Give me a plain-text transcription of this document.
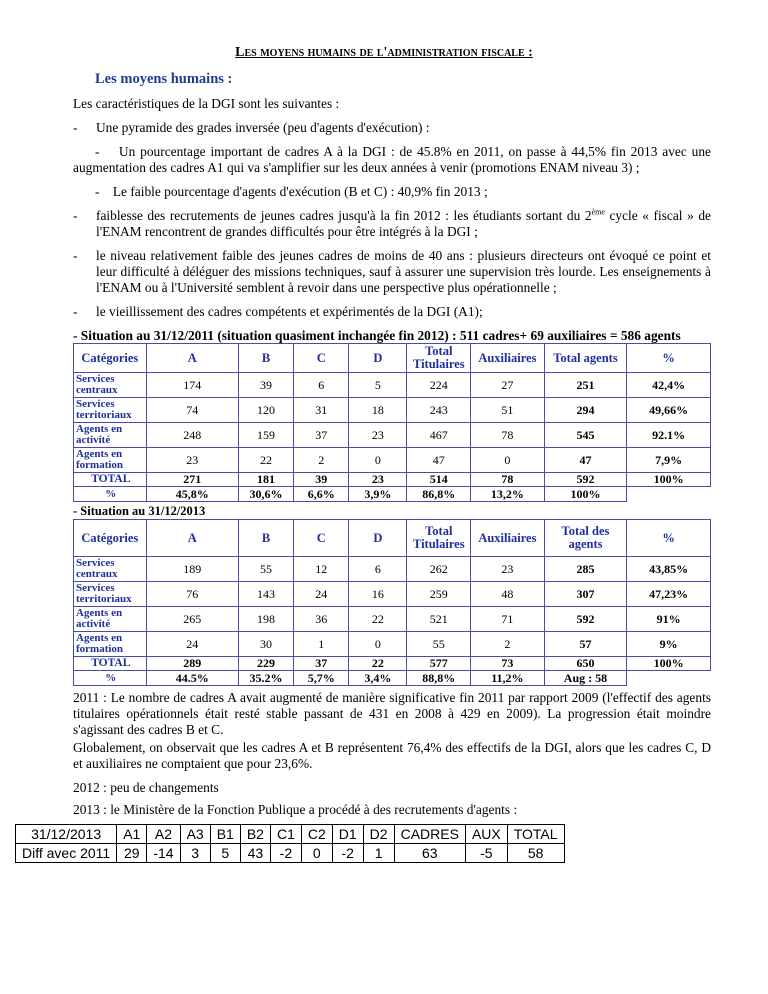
Les moyens humains de l'administration fiscale :
Les moyens humains :

Les caractéristiques de la DGI sont les suivantes :

-	Une pyramide des grades inversée (peu d'agents d'exécution) :

- Un pourcentage important de cadres A à la DGI : de 45.8% en 2011, on passe à 44,5% fin 2013 avec une augmentation des cadres A1 qui va s'amplifier sur les deux années à venir (promotions ENAM niveau 3) ;

- Le faible pourcentage d'agents d'exécution (B et C) : 40,9% fin 2013 ;

-	faiblesse des recrutements de jeunes cadres jusqu'à la fin 2012 : les étudiants sortant du 2ème cycle « fiscal » de l'ENAM rencontrent de grandes difficultés pour être intégrés à la DGI ;

-	le niveau relativement faible des jeunes cadres de moins de 40 ans : plusieurs directeurs ont évoqué ce point et leur difficulté à déléguer des missions techniques, sauf à assurer une supervision très lourde. Les enseignements à l'ENAM ou à l'Université semblent à revoir dans une perspective plus opérationnelle ;

-	le vieillissement des cadres compétents et expérimentés de la DGI (A1);

- Situation au 31/12/2011 (situation quasiment inchangée fin 2012) : 511 cadres+ 69 auxiliaires = 586 agents

Catégories	A	B	C	D	Total Titulaires	Auxiliaires	Total agents	%
Services centraux	174	39	6	5	224	27	251	42,4%
Services territoriaux	74	120	31	18	243	51	294	49,66%
Agents en activité	248	159	37	23	467	78	545	92.1%
Agents en formation	23	22	2	0	47	0	47	7,9%
TOTAL	271	181	39	23	514	78	592	100%
%	45,8%	30,6%	6,6%	3,9%	86,8%	13,2%	100%	

- Situation au 31/12/2013

Catégories	A	B	C	D	Total Titulaires	Auxiliaires	Total des agents	%
Services centraux	189	55	12	6	262	23	285	43,85%
Services territoriaux	76	143	24	16	259	48	307	47,23%
Agents en activité	265	198	36	22	521	71	592	91%
Agents en formation	24	30	1	0	55	2	57	9%
TOTAL	289	229	37	22	577	73	650	100%
%	44.5%	35.2%	5,7%	3,4%	88,8%	11,2%	Aug : 58	

2011 : Le nombre de cadres A avait augmenté de manière significative fin 2011 par rapport 2009 (l'effectif des agents titulaires opérationnels était resté stable passant de 431 en 2008 à 429 en 2009). La progression était moindre s'agissant des cadres B et C.

Globalement, on observait que les cadres A et B représentent 76,4% des effectifs de la DGI, alors que les cadres C, D et auxiliaires ne comptaient que pour 23,6%.

2012 : peu de changements

2013 : le Ministère de la Fonction Publique a procédé à des recrutements d'agents :

31/12/2013	A1	A2	A3	B1	B2	C1	C2	D1	D2	CADRES	AUX	TOTAL
Diff avec 2011	29	-14	3	5	43	-2	0	-2	1	63	-5	58
